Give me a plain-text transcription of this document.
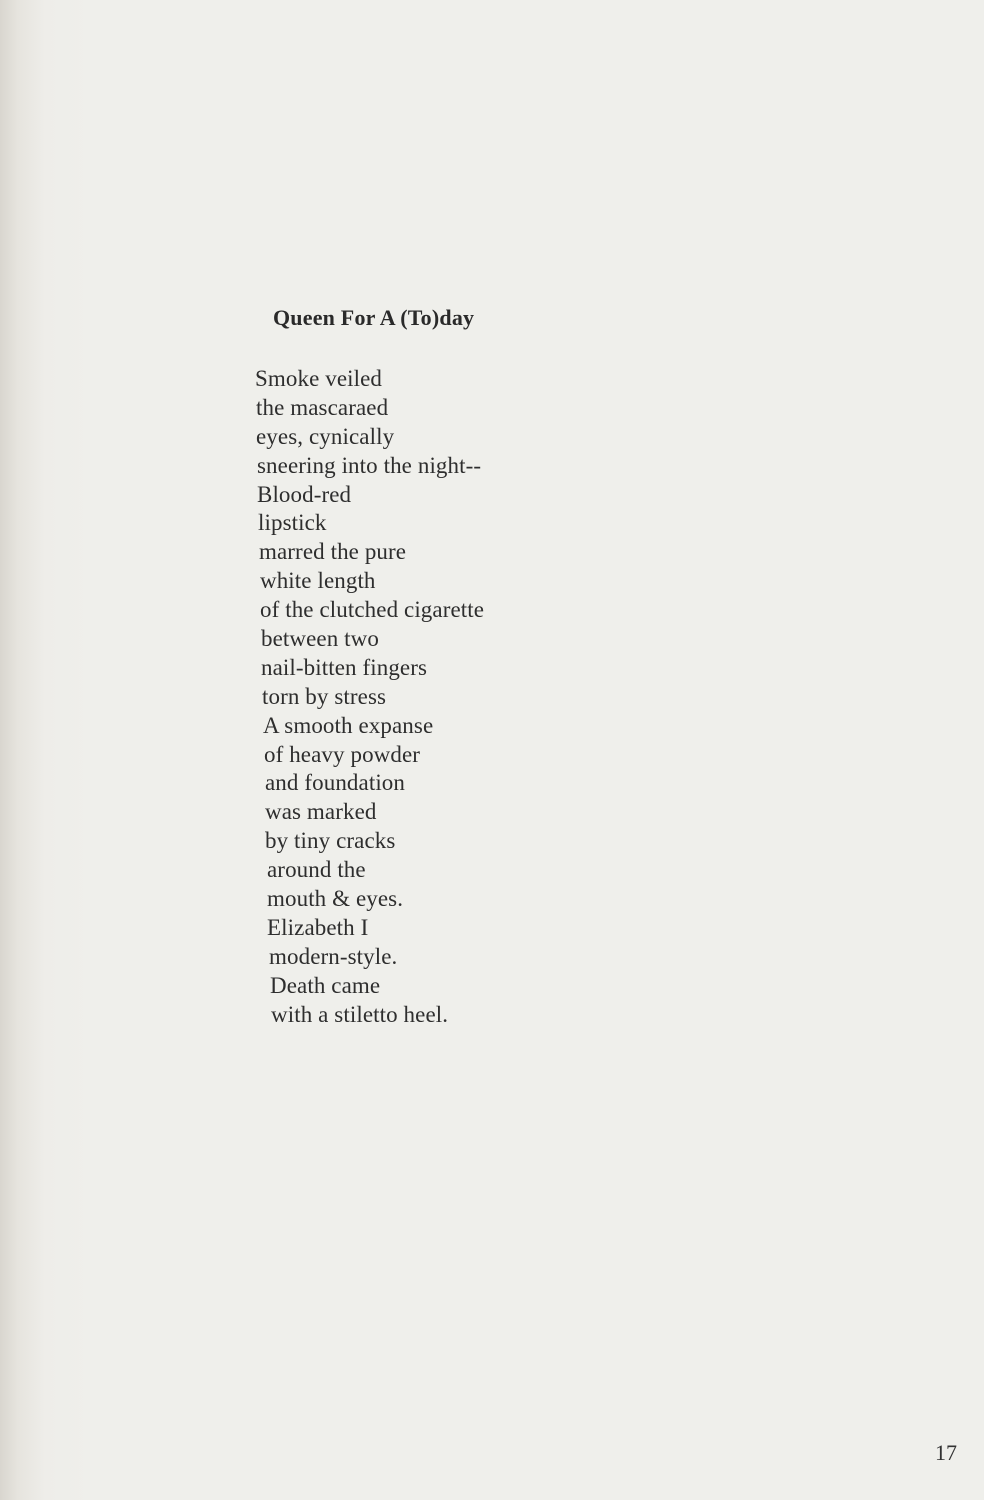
Queen For A (To)day
Smoke veiled
the mascaraed
eyes, cynically
sneering into the night--
Blood-red
lipstick
marred the pure
white length
of the clutched cigarette
between two
nail-bitten fingers
torn by stress
A smooth expanse
of heavy powder
and foundation
was marked
by tiny cracks
around the
mouth & eyes.
Elizabeth I
modern-style.
Death came
with a stiletto heel.
17
